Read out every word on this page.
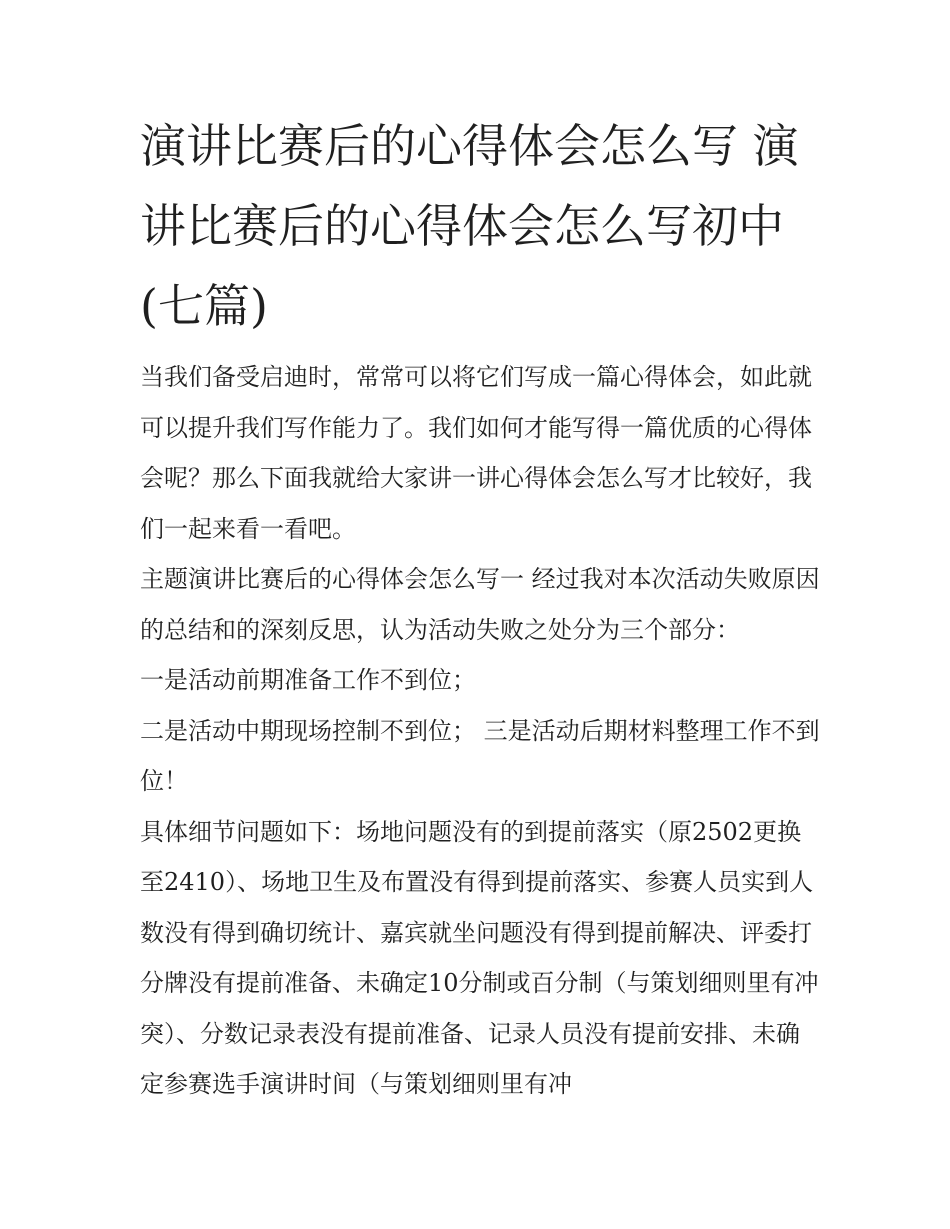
演讲比赛后的心得体会怎么写 演讲比赛后的心得体会怎么写初中(七篇)

当我们备受启迪时，常常可以将它们写成一篇心得体会，如此就可以提升我们写作能力了。我们如何才能写得一篇优质的心得体会呢？那么下面我就给大家讲一讲心得体会怎么写才比较好，我们一起来看一看吧。

主题演讲比赛后的心得体会怎么写一 经过我对本次活动失败原因的总结和的深刻反思，认为活动失败之处分为三个部分：

一是活动前期准备工作不到位；

二是活动中期现场控制不到位； 三是活动后期材料整理工作不到位！

具体细节问题如下：场地问题没有的到提前落实（原2502更换至2410）、场地卫生及布置没有得到提前落实、参赛人员实到人数没有得到确切统计、嘉宾就坐问题没有得到提前解决、评委打分牌没有提前准备、未确定10分制或百分制（与策划细则里有冲突）、分数记录表没有提前准备、记录人员没有提前安排、未确定参赛选手演讲时间（与策划细则里有冲
